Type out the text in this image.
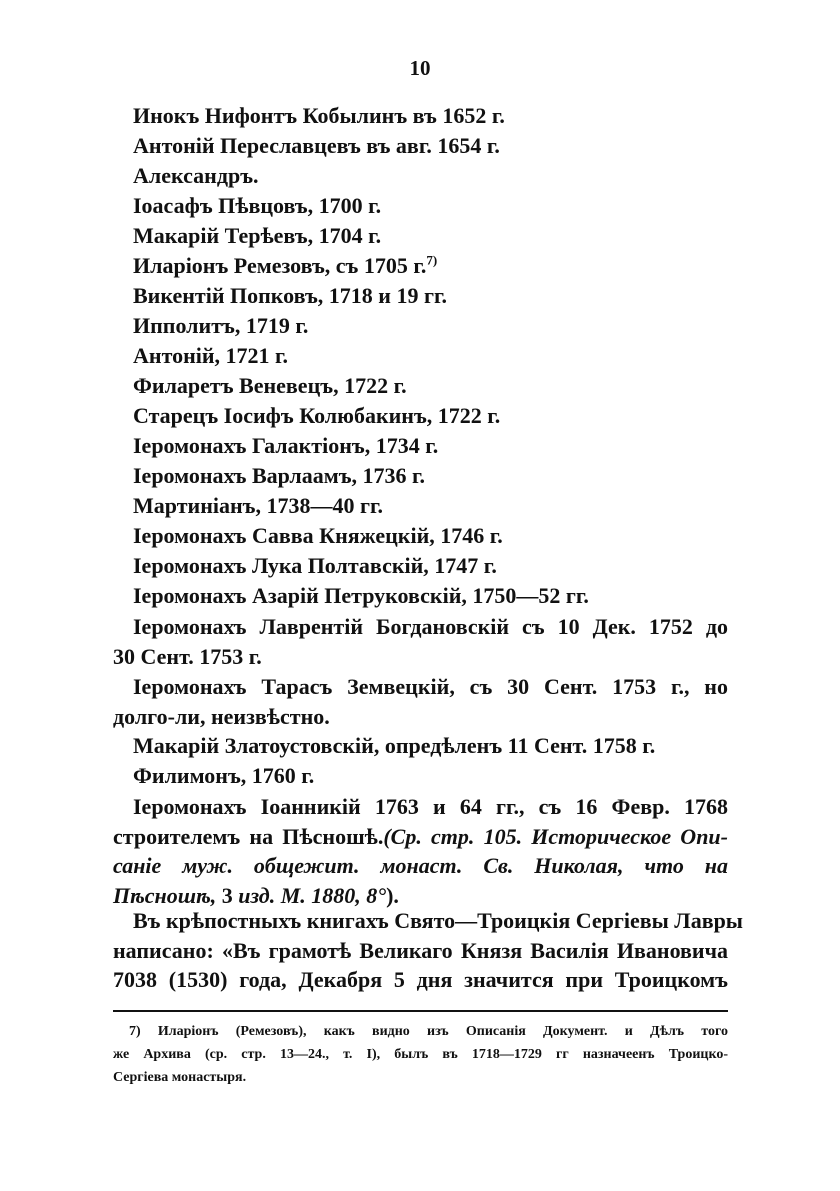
10
Инокъ Нифонтъ Кобылинъ въ 1652 г.
Антоній Переславцевъ въ авг. 1654 г.
Александръ.
Іоасафъ Пѣвцовъ, 1700 г.
Макарій Терѣевъ, 1704 г.
Иларіонъ Ремезовъ, съ 1705 г.$^{7)}$
Викентій Попковъ, 1718 и 19 гг.
Ипполитъ, 1719 г.
Антоній, 1721 г.
Филаретъ Веневецъ, 1722 г.
Старецъ Іосифъ Колюбакинъ, 1722 г.
Іеромонахъ Галактіонъ, 1734 г.
Іеромонахъ Варлаамъ, 1736 г.
Мартиніанъ, 1738—40 гг.
Іеромонахъ Савва Княжецкій, 1746 г.
Іеромонахъ Лука Полтавскій, 1747 г.
Іеромонахъ Азарій Петруковскій, 1750—52 гг.
Іеромонахъ Лаврентій Богдановскій съ 10 Дек. 1752 до
30 Сент. 1753 г.
Іеромонахъ Тарасъ Земвецкій, съ 30 Сент. 1753 г., но
долго-ли, неизвѣстно.
Макарій Златоустовскій, опредѣленъ 11 Сент. 1758 г.
Филимонъ, 1760 г.
Іеромонахъ Іоанникій 1763 и 64 гг., съ 16 Февр. 1768
строителемъ на Пѣсношѣ.(Ср. стр. 105. Историческое Опи-
саніе муж. общежит. монаст. Св. Николая, что на
Пѣсношѣ, 3 изд. М. 1880, 8°).
Въ крѣпостныхъ книгахъ Свято—Троицкія Сергіевы Лавры
написано: «Въ грамотѣ Великаго Князя Василія Ивановича
7038 (1530) года, Декабря 5 дня значится при Троицкомъ
7) Иларіонъ (Ремезовъ), какъ видно изъ Описанія Документ. и Дѣлъ того
же Архива (ср. стр. 13—24., т. I), былъ въ 1718—1729 гг назначеенъ Троицко-
Сергіева монастыря.
